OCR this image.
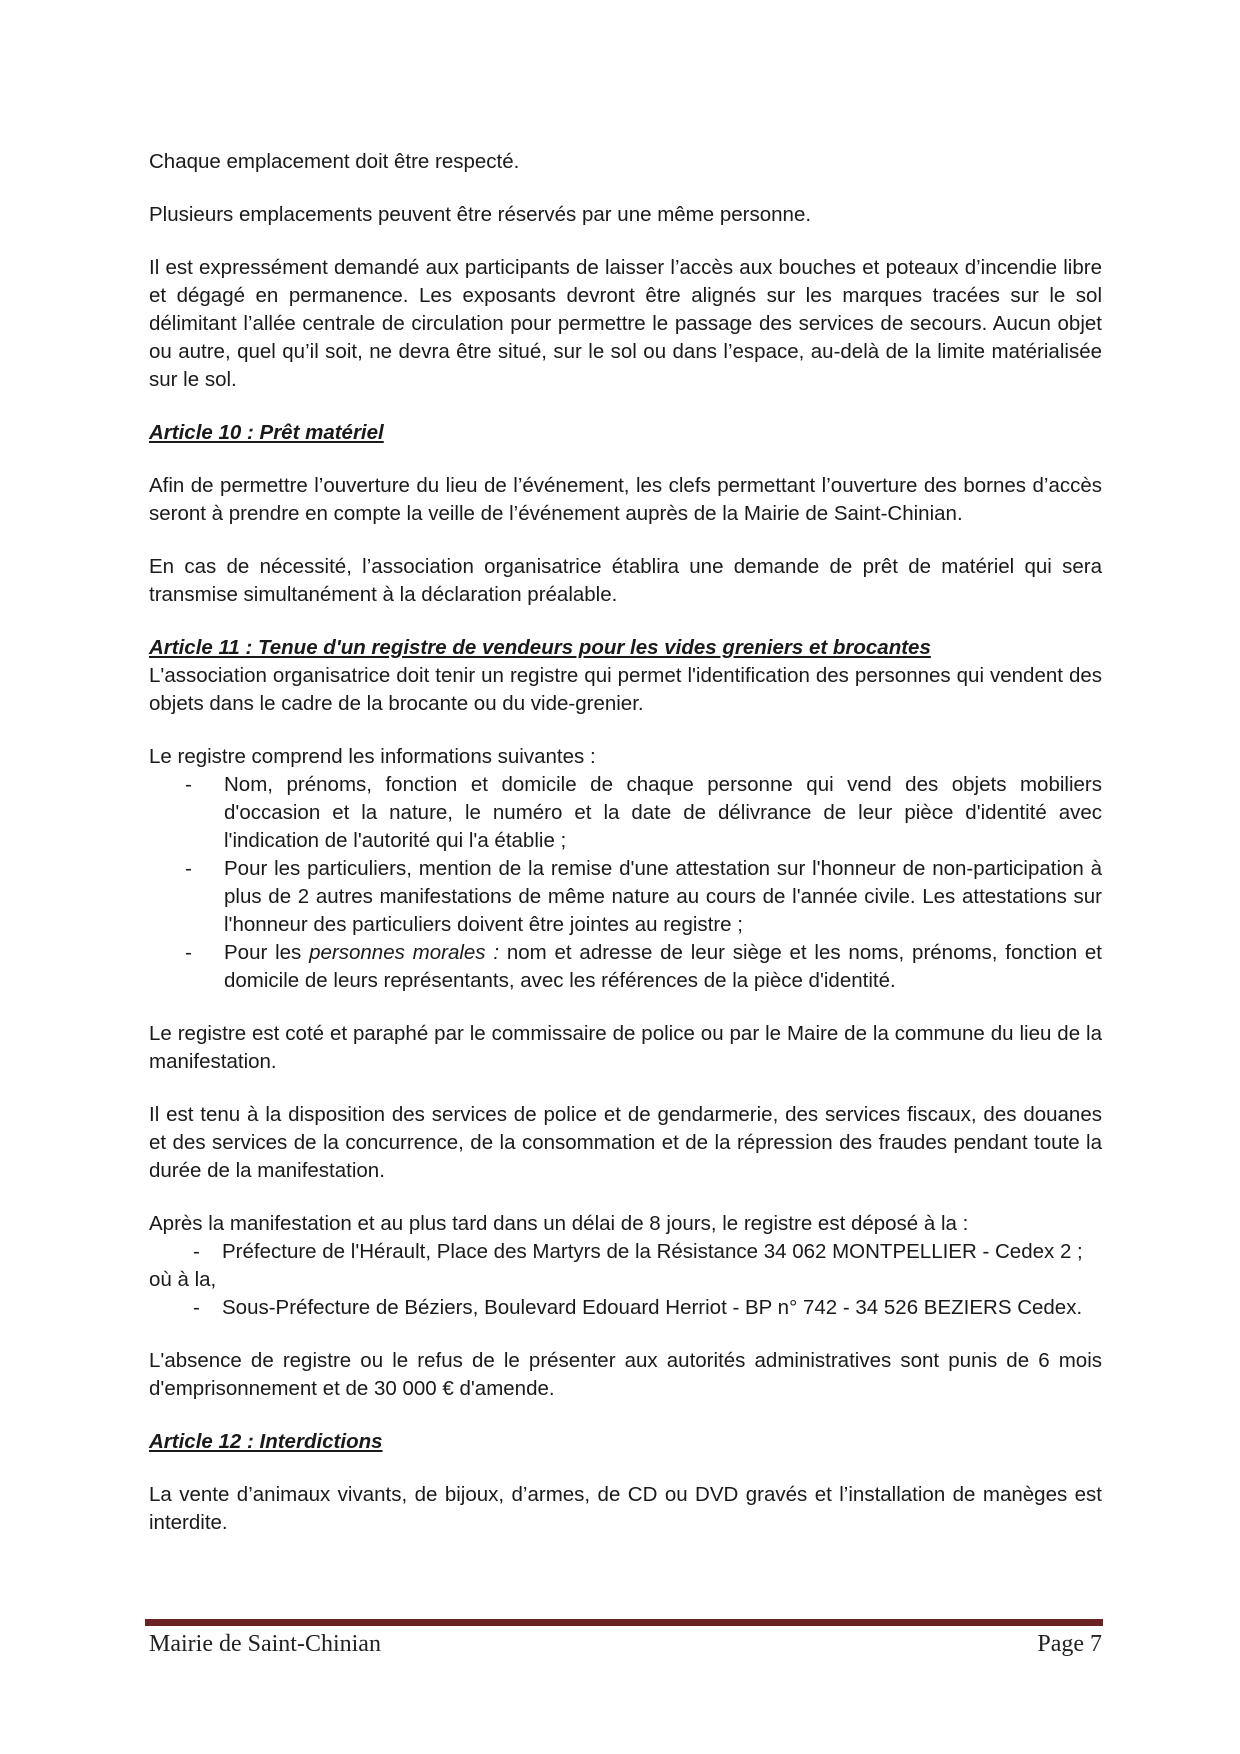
Chaque emplacement doit être respecté.

Plusieurs emplacements peuvent être réservés par une même personne.

Il est expressément demandé aux participants de laisser l’accès aux bouches et poteaux d’incendie libre et dégagé en permanence. Les exposants devront être alignés sur les marques tracées sur le sol délimitant l’allée centrale de circulation pour permettre le passage des services de secours. Aucun objet ou autre, quel qu’il soit, ne devra être situé, sur le sol ou dans l’espace, au-delà de la limite matérialisée sur le sol.

Article 10 : Prêt matériel

Afin de permettre l’ouverture du lieu de l’événement, les clefs permettant l’ouverture des bornes d’accès seront à prendre en compte la veille de l’événement auprès de la Mairie de Saint-Chinian.

En cas de nécessité, l’association organisatrice établira une demande de prêt de matériel qui sera transmise simultanément à la déclaration préalable.

Article 11 : Tenue d'un registre de vendeurs pour les vides greniers et brocantes

L'association organisatrice doit tenir un registre qui permet l'identification des personnes qui vendent des objets dans le cadre de la brocante ou du vide-grenier.

Le registre comprend les informations suivantes :

- Nom, prénoms, fonction et domicile de chaque personne qui vend des objets mobiliers d'occasion et la nature, le numéro et la date de délivrance de leur pièce d'identité avec l'indication de l'autorité qui l'a établie ;
- Pour les particuliers, mention de la remise d'une attestation sur l'honneur de non-participation à plus de 2 autres manifestations de même nature au cours de l'année civile. Les attestations sur l'honneur des particuliers doivent être jointes au registre ;
- Pour les personnes morales : nom et adresse de leur siège et les noms, prénoms, fonction et domicile de leurs représentants, avec les références de la pièce d'identité.

Le registre est coté et paraphé par le commissaire de police ou par le Maire de la commune du lieu de la manifestation.

Il est tenu à la disposition des services de police et de gendarmerie, des services fiscaux, des douanes et des services de la concurrence, de la consommation et de la répression des fraudes pendant toute la durée de la manifestation.

Après la manifestation et au plus tard dans un délai de 8 jours, le registre est déposé à la :

- Préfecture de l'Hérault, Place des Martyrs de la Résistance 34 062 MONTPELLIER - Cedex 2 ;
où à la,
- Sous-Préfecture de Béziers, Boulevard Edouard Herriot - BP n° 742 - 34 526 BEZIERS Cedex.

L'absence de registre ou le refus de le présenter aux autorités administratives sont punis de 6 mois d'emprisonnement et de 30 000 € d'amende.

Article 12 : Interdictions

La vente d’animaux vivants, de bijoux, d’armes, de CD ou DVD gravés et l’installation de manèges est interdite.

Mairie de Saint-Chinian	Page 7
